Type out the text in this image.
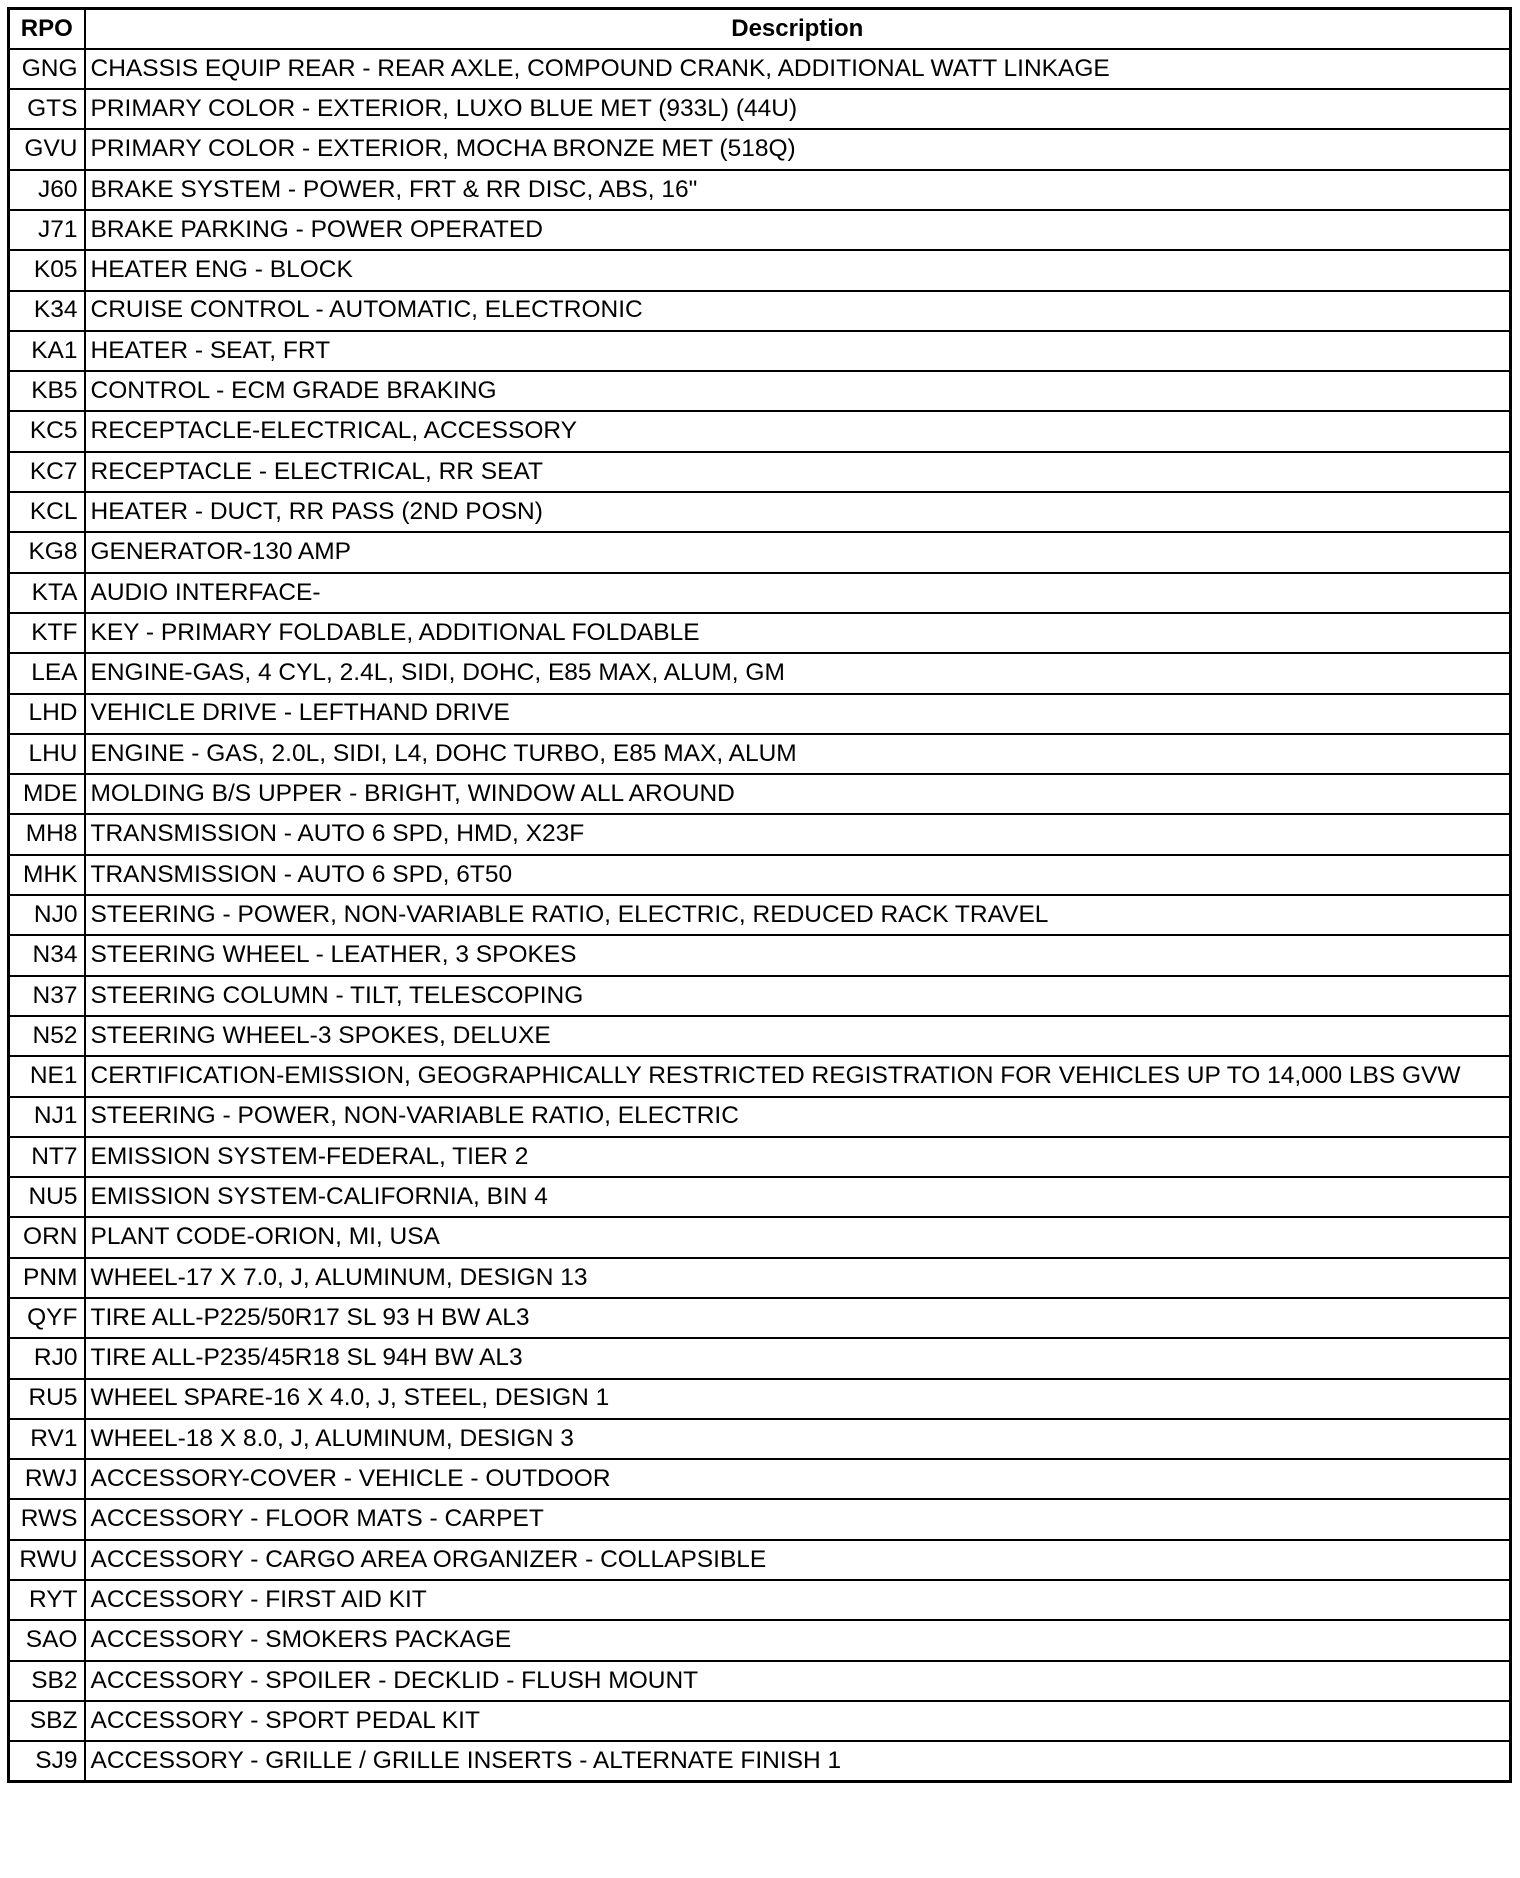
RPO	Description
GNG	CHASSIS EQUIP REAR - REAR AXLE, COMPOUND CRANK, ADDITIONAL WATT LINKAGE
GTS	PRIMARY COLOR - EXTERIOR, LUXO BLUE MET (933L) (44U)
GVU	PRIMARY COLOR - EXTERIOR, MOCHA BRONZE MET (518Q)
J60	BRAKE SYSTEM - POWER, FRT & RR DISC, ABS, 16"
J71	BRAKE PARKING - POWER OPERATED
K05	HEATER ENG - BLOCK
K34	CRUISE CONTROL - AUTOMATIC, ELECTRONIC
KA1	HEATER - SEAT, FRT
KB5	CONTROL - ECM GRADE BRAKING
KC5	RECEPTACLE-ELECTRICAL, ACCESSORY
KC7	RECEPTACLE - ELECTRICAL, RR SEAT
KCL	HEATER - DUCT, RR PASS (2ND POSN)
KG8	GENERATOR-130 AMP
KTA	AUDIO INTERFACE-
KTF	KEY - PRIMARY FOLDABLE, ADDITIONAL FOLDABLE
LEA	ENGINE-GAS, 4 CYL, 2.4L, SIDI, DOHC, E85 MAX, ALUM, GM
LHD	VEHICLE DRIVE - LEFTHAND DRIVE
LHU	ENGINE - GAS, 2.0L, SIDI, L4, DOHC TURBO, E85 MAX, ALUM
MDE	MOLDING B/S UPPER - BRIGHT, WINDOW ALL AROUND
MH8	TRANSMISSION - AUTO 6 SPD, HMD, X23F
MHK	TRANSMISSION - AUTO 6 SPD, 6T50
NJ0	STEERING - POWER, NON-VARIABLE RATIO, ELECTRIC, REDUCED RACK TRAVEL
N34	STEERING WHEEL - LEATHER, 3 SPOKES
N37	STEERING COLUMN - TILT, TELESCOPING
N52	STEERING WHEEL-3 SPOKES, DELUXE
NE1	CERTIFICATION-EMISSION, GEOGRAPHICALLY RESTRICTED REGISTRATION FOR VEHICLES UP TO 14,000 LBS GVW
NJ1	STEERING - POWER, NON-VARIABLE RATIO, ELECTRIC
NT7	EMISSION SYSTEM-FEDERAL, TIER 2
NU5	EMISSION SYSTEM-CALIFORNIA, BIN 4
ORN	PLANT CODE-ORION, MI, USA
PNM	WHEEL-17 X 7.0, J, ALUMINUM, DESIGN 13
QYF	TIRE ALL-P225/50R17 SL 93 H BW AL3
RJ0	TIRE ALL-P235/45R18 SL 94H BW AL3
RU5	WHEEL SPARE-16 X 4.0, J, STEEL, DESIGN 1
RV1	WHEEL-18 X 8.0, J, ALUMINUM, DESIGN 3
RWJ	ACCESSORY-COVER - VEHICLE - OUTDOOR
RWS	ACCESSORY - FLOOR MATS - CARPET
RWU	ACCESSORY - CARGO AREA ORGANIZER - COLLAPSIBLE
RYT	ACCESSORY - FIRST AID KIT
SAO	ACCESSORY - SMOKERS PACKAGE
SB2	ACCESSORY - SPOILER - DECKLID - FLUSH MOUNT
SBZ	ACCESSORY - SPORT PEDAL KIT
SJ9	ACCESSORY - GRILLE / GRILLE INSERTS - ALTERNATE FINISH 1
